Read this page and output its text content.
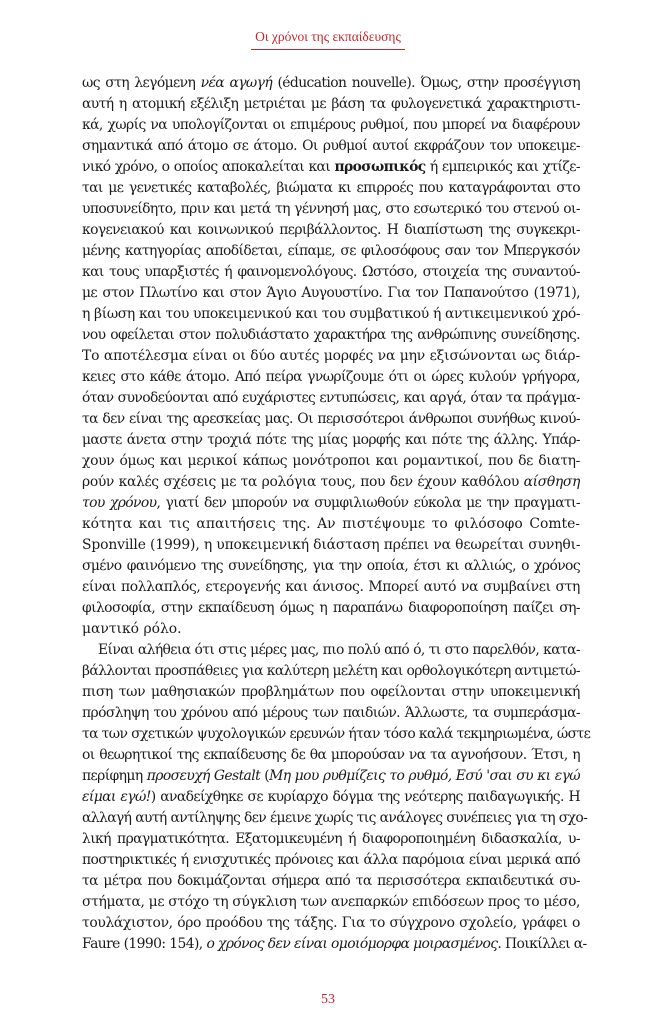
Οι χρόνοι της εκπαίδευσης
ως στη λεγόμενη νέα αγωγή (éducation nouvelle). Όμως, στην προσέγγιση
αυτή η ατομική εξέλιξη μετριέται με βάση τα φυλογενετικά χαρακτηριστι-
κά, χωρίς να υπολογίζονται οι επιμέρους ρυθμοί, που μπορεί να διαφέρουν
σημαντικά από άτομο σε άτομο. Οι ρυθμοί αυτοί εκφράζουν τον υποκειμε-
νικό χρόνο, ο οποίος αποκαλείται και προσωπικός ή εμπειρικός και χτίζε-
ται με γενετικές καταβολές, βιώματα κι επιρροές που καταγράφονται στο
υποσυνείδητο, πριν και μετά τη γέννησή μας, στο εσωτερικό του στενού οι-
κογενειακού και κοινωνικού περιβάλλοντος. Η διαπίστωση της συγκεκρι-
μένης κατηγορίας αποδίδεται, είπαμε, σε φιλοσόφους σαν τον Μπεργκσόν
και τους υπαρξιστές ή φαινομενολόγους. Ωστόσο, στοιχεία της συναντού-
με στον Πλωτίνο και στον Άγιο Αυγουστίνο. Για τον Παπανούτσο (1971),
η βίωση και του υποκειμενικού και του συμβατικού ή αντικειμενικού χρό-
νου οφείλεται στον πολυδιάστατο χαρακτήρα της ανθρώπινης συνείδησης.
Το αποτέλεσμα είναι οι δύο αυτές μορφές να μην εξισώνονται ως διάρ-
κειες στο κάθε άτομο. Από πείρα γνωρίζουμε ότι οι ώρες κυλούν γρήγορα,
όταν συνοδεύονται από ευχάριστες εντυπώσεις, και αργά, όταν τα πράγμα-
τα δεν είναι της αρεσκείας μας. Οι περισσότεροι άνθρωποι συνήθως κινού-
μαστε άνετα στην τροχιά πότε της μίας μορφής και πότε της άλλης. Υπάρ-
χουν όμως και μερικοί κάπως μονότροποι και ρομαντικοί, που δε διατη-
ρούν καλές σχέσεις με τα ρολόγια τους, που δεν έχουν καθόλου αίσθηση
του χρόνου, γιατί δεν μπορούν να συμφιλιωθούν εύκολα με την πραγματι-
κότητα και τις απαιτήσεις της. Αν πιστέψουμε το φιλόσοφο Comte-
Sponville (1999), η υποκειμενική διάσταση πρέπει να θεωρείται συνηθι-
σμένο φαινόμενο της συνείδησης, για την οποία, έτσι κι αλλιώς, ο χρόνος
είναι πολλαπλός, ετερογενής και άνισος. Μπορεί αυτό να συμβαίνει στη
φιλοσοφία, στην εκπαίδευση όμως η παραπάνω διαφοροποίηση παίζει ση-
μαντικό ρόλο.
Είναι αλήθεια ότι στις μέρες μας, πιο πολύ από ό, τι στο παρελθόν, κατα-
βάλλονται προσπάθειες για καλύτερη μελέτη και ορθολογικότερη αντιμετώ-
πιση των μαθησιακών προβλημάτων που οφείλονται στην υποκειμενική
πρόσληψη του χρόνου από μέρους των παιδιών. Άλλωστε, τα συμπεράσμα-
τα των σχετικών ψυχολογικών ερευνών ήταν τόσο καλά τεκμηριωμένα, ώστε
οι θεωρητικοί της εκπαίδευσης δε θα μπορούσαν να τα αγνοήσουν. Έτσι, η
περίφημη προσευχή Gestalt (Μη μου ρυθμίζεις το ρυθμό, Εσύ 'σαι συ κι εγώ
είμαι εγώ!) αναδείχθηκε σε κυρίαρχο δόγμα της νεότερης παιδαγωγικής. Η
αλλαγή αυτή αντίληψης δεν έμεινε χωρίς τις ανάλογες συνέπειες για τη σχο-
λική πραγματικότητα. Εξατομικευμένη ή διαφοροποιημένη διδασκαλία, υ-
ποστηρικτικές ή ενισχυτικές πρόνοιες και άλλα παρόμοια είναι μερικά από
τα μέτρα που δοκιμάζονται σήμερα από τα περισσότερα εκπαιδευτικά συ-
στήματα, με στόχο τη σύγκλιση των ανεπαρκών επιδόσεων προς το μέσο,
τουλάχιστον, όρο προόδου της τάξης. Για το σύγχρονο σχολείο, γράφει ο
Faure (1990: 154), ο χρόνος δεν είναι ομοιόμορφα μοιρασμένος. Ποικίλλει α-
53
